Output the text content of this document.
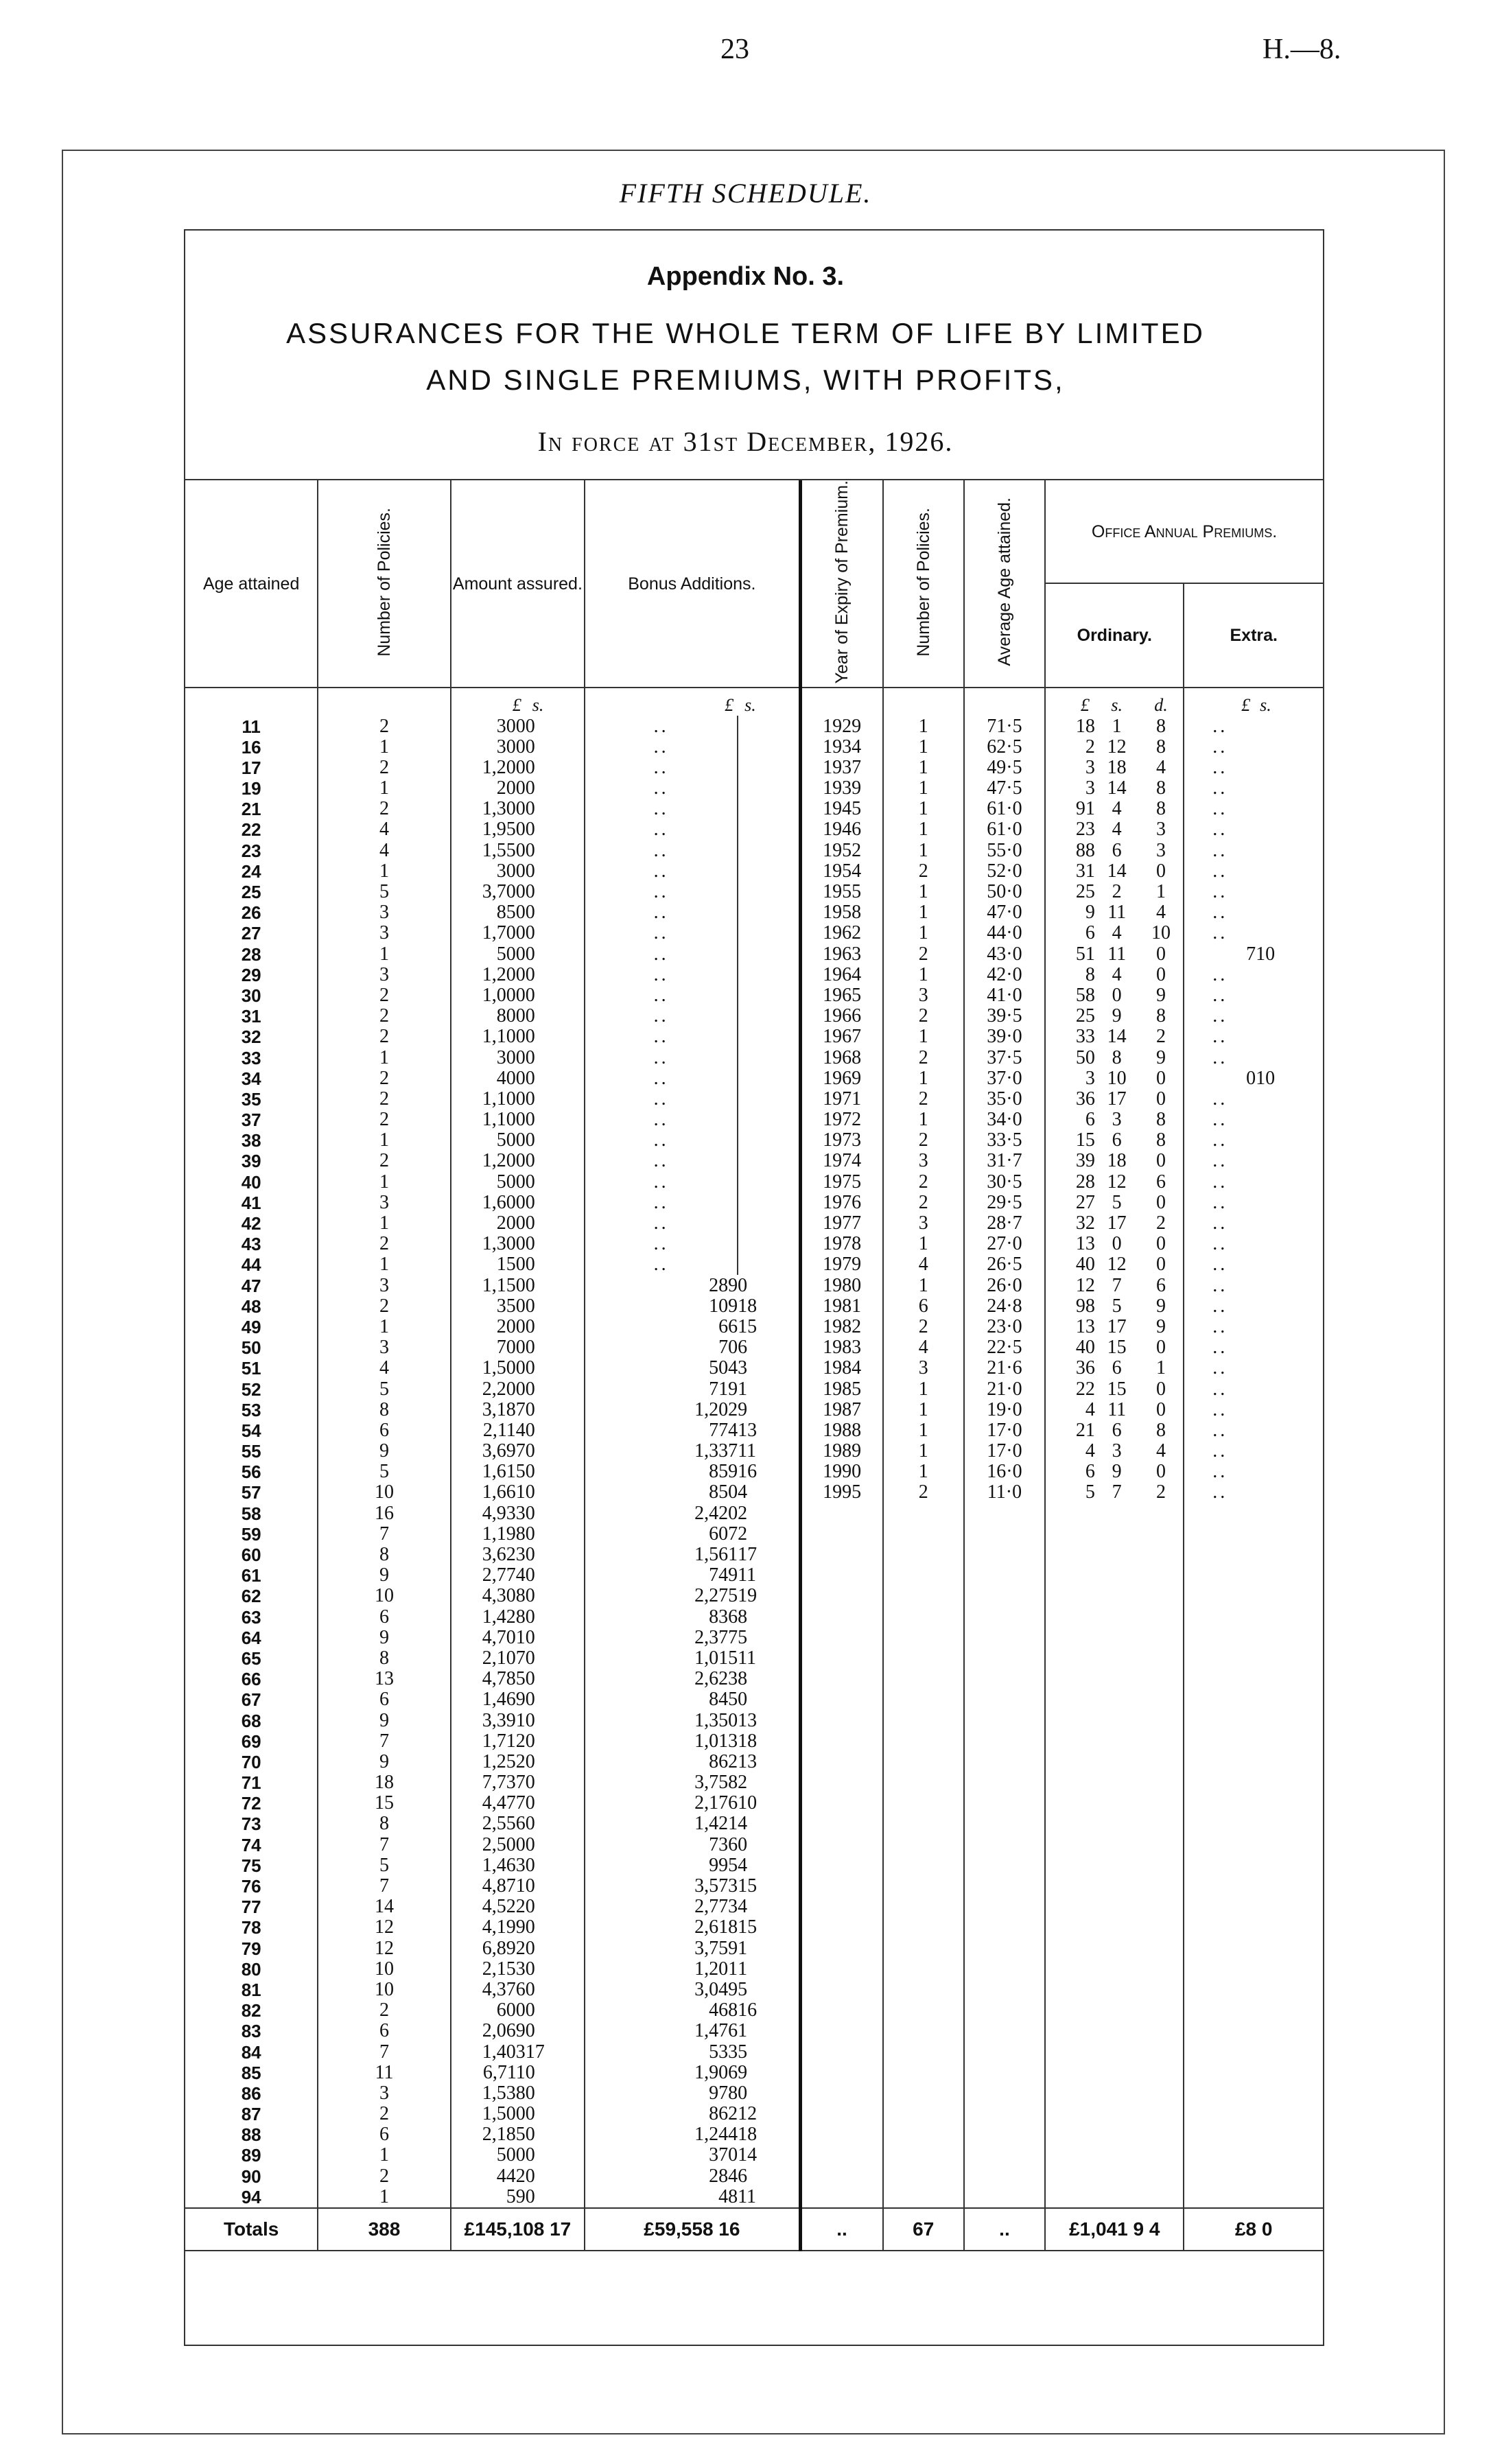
23	H.—8.
FIFTH SCHEDULE.
Appendix No. 3.
ASSURANCES FOR THE WHOLE TERM OF LIFE BY LIMITED
AND SINGLE PREMIUMS, WITH PROFITS,
In force at 31st December, 1926.
Age attained	Number of Policies.	Amount assured.		Bonus Additions.		Year of Expiry of Premium.	Number of Policies.	Average Age attained.	Office Annual Premiums.				
									Ordinary.			Extra.	
		£	s.	£	s.				£	s.	d.	£	s.
11	2	300	0	..		1929	1	71·5	18	1	8	..	
16	1	300	0	..		1934	1	62·5	2	12	8	..	
17	2	1,200	0	..		1937	1	49·5	3	18	4	..	
19	1	200	0	..		1939	1	47·5	3	14	8	..	
21	2	1,300	0	..		1945	1	61·0	91	4	8	..	
22	4	1,950	0	..		1946	1	61·0	23	4	3	..	
23	4	1,550	0	..		1952	1	55·0	88	6	3	..	
24	1	300	0	..		1954	2	52·0	31	14	0	..	
25	5	3,700	0	..		1955	1	50·0	25	2	1	..	
26	3	850	0	..		1958	1	47·0	9	11	4	..	
27	3	1,700	0	..		1962	1	44·0	6	4	10	..	
28	1	500	0	..		1963	2	43·0	51	11	0	7	10
29	3	1,200	0	..		1964	1	42·0	8	4	0	..	
30	2	1,000	0	..		1965	3	41·0	58	0	9	..	
31	2	800	0	..		1966	2	39·5	25	9	8	..	
32	2	1,100	0	..		1967	1	39·0	33	14	2	..	
33	1	300	0	..		1968	2	37·5	50	8	9	..	
34	2	400	0	..		1969	1	37·0	3	10	0	0	10
35	2	1,100	0	..		1971	2	35·0	36	17	0	..	
37	2	1,100	0	..		1972	1	34·0	6	3	8	..	
38	1	500	0	..		1973	2	33·5	15	6	8	..	
39	2	1,200	0	..		1974	3	31·7	39	18	0	..	
40	1	500	0	..		1975	2	30·5	28	12	6	..	
41	3	1,600	0	..		1976	2	29·5	27	5	0	..	
42	1	200	0	..		1977	3	28·7	32	17	2	..	
43	2	1,300	0	..		1978	1	27·0	13	0	0	..	
44	1	150	0	..		1979	4	26·5	40	12	0	..	
47	3	1,150	0	289	0	1980	1	26·0	12	7	6	..	
48	2	350	0	109	18	1981	6	24·8	98	5	9	..	
49	1	200	0	66	15	1982	2	23·0	13	17	9	..	
50	3	700	0	70	6	1983	4	22·5	40	15	0	..	
51	4	1,500	0	504	3	1984	3	21·6	36	6	1	..	
52	5	2,200	0	719	1	1985	1	21·0	22	15	0	..	
53	8	3,187	0	1,202	9	1987	1	19·0	4	11	0	..	
54	6	2,114	0	774	13	1988	1	17·0	21	6	8	..	
55	9	3,697	0	1,337	11	1989	1	17·0	4	3	4	..	
56	5	1,615	0	859	16	1990	1	16·0	6	9	0	..	
57	10	1,661	0	850	4	1995	2	11·0	5	7	2	..	
58	16	4,933	0	2,420	2								
59	7	1,198	0	607	2								
60	8	3,623	0	1,561	17								
61	9	2,774	0	749	11								
62	10	4,308	0	2,275	19								
63	6	1,428	0	836	8								
64	9	4,701	0	2,377	5								
65	8	2,107	0	1,015	11								
66	13	4,785	0	2,623	8								
67	6	1,469	0	845	0								
68	9	3,391	0	1,350	13								
69	7	1,712	0	1,013	18								
70	9	1,252	0	862	13								
71	18	7,737	0	3,758	2								
72	15	4,477	0	2,176	10								
73	8	2,556	0	1,421	4								
74	7	2,500	0	736	0								
75	5	1,463	0	995	4								
76	7	4,871	0	3,573	15								
77	14	4,522	0	2,773	4								
78	12	4,199	0	2,618	15								
79	12	6,892	0	3,759	1								
80	10	2,153	0	1,201	1								
81	10	4,376	0	3,049	5								
82	2	600	0	468	16								
83	6	2,069	0	1,476	1								
84	7	1,403	17	533	5								
85	11	6,711	0	1,906	9								
86	3	1,538	0	978	0								
87	2	1,500	0	862	12								
88	6	2,185	0	1,244	18								
89	1	500	0	370	14								
90	2	442	0	284	6								
94	1	59	0	48	11								
Totals	388	£145,108 17		£59,558 16		..	67	..	£1,041 9 4			£8 0	
